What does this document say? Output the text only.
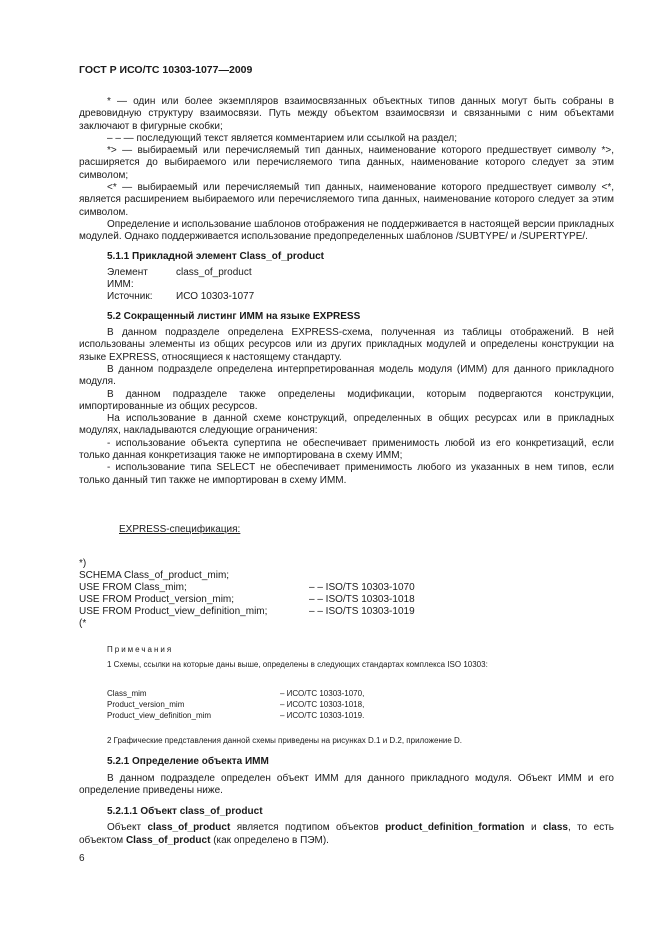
ГОСТ Р ИСО/ТС 10303-1077—2009

* — один или более экземпляров взаимосвязанных объектных типов данных могут быть собраны в древовидную структуру взаимосвязи. Путь между объектом взаимосвязи и связанными с ним объектами заключают в фигурные скобки;

– – — последующий текст является комментарием или ссылкой на раздел;

*> — выбираемый или перечисляемый тип данных, наименование которого предшествует символу *>, расширяется до выбираемого или перечисляемого типа данных, наименование которого следует за этим символом;

<* — выбираемый или перечисляемый тип данных, наименование которого предшествует символу <*, является расширением выбираемого или перечисляемого типа данных, наименование которого следует за этим символом.

Определение и использование шаблонов отображения не поддерживается в настоящей версии прикладных модулей. Однако поддерживается использование предопределенных шаблонов /SUBTYPE/ и /SUPERTYPE/.

5.1.1 Прикладной элемент Class_of_product
Элемент ИММ:
class_of_product
Источник:	ИСО 10303-1077
5.2 Сокращенный листинг ИММ на языке EXPRESS

В данном подразделе определена EXPRESS-схема, полученная из таблицы отображений. В ней использованы элементы из общих ресурсов или из других прикладных модулей и определены конструкции на языке EXPRESS, относящиеся к настоящему стандарту.

В данном подразделе определена интерпретированная модель модуля (ИММ) для данного прикладного модуля.

В данном подразделе также определены модификации, которым подвергаются конструкции, импортированные из общих ресурсов.

На использование в данной схеме конструкций, определенных в общих ресурсах или в прикладных модулях, накладываются следующие ограничения:

- использование объекта супертипа не обеспечивает применимость любой из его конкретизаций, если только данная конкретизация также не импортирована в схему ИММ;

- использование типа SELECT не обеспечивает применимость любого из указанных в нем типов, если только данный тип также не импортирован в схему ИММ.

EXPRESS-спецификация:
*)
SCHEMA Class_of_product_mim;
USE FROM Class_mim;	– – ISO/TS 10303-1070
USE FROM Product_version_mim;	– – ISO/TS 10303-1018
USE FROM Product_view_definition_mim;	– – ISO/TS 10303-1019
(*
Примечания
1 Схемы, ссылки на которые даны выше, определены в следующих стандартах комплекса ISO 10303:
Class_mim	– ИСО/ТС 10303-1070,
Product_version_mim	– ИСО/ТС 10303-1018,
Product_view_definition_mim	– ИСО/ТС 10303-1019.
2 Графические представления данной схемы приведены на рисунках D.1 и D.2, приложение D.
5.2.1 Определение объекта ИММ

В данном подразделе определен объект ИММ для данного прикладного модуля. Объект ИММ и его определение приведены ниже.

5.2.1.1 Объект class_of_product

Объект class_of_product является подтипом объектов product_definition_formation и class, то есть объектом Class_of_product (как определено в ПЭМ).

6
